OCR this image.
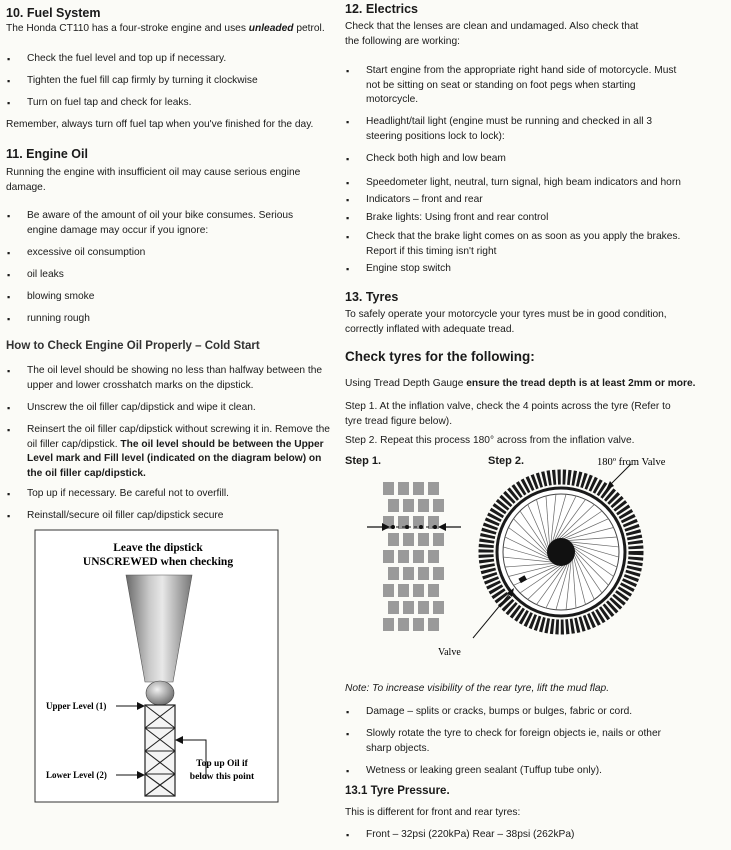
10. Fuel System
The Honda CT110 has a four-stroke engine and uses unleaded petrol.
▪ Check the fuel level and top up if necessary.
▪ Tighten the fuel fill cap firmly by turning it clockwise
▪ Turn on fuel tap and check for leaks.
Remember, always turn off fuel tap when you've finished for the day.
11. Engine Oil
Running the engine with insufficient oil may cause serious engine damage.
▪ Be aware of the amount of oil your bike consumes. Serious engine damage may occur if you ignore:
▪ excessive oil consumption
▪ oil leaks
▪ blowing smoke
▪ running rough
How to Check Engine Oil Properly – Cold Start
▪ The oil level should be showing no less than halfway between the upper and lower crosshatch marks on the dipstick.
▪ Unscrew the oil filler cap/dipstick and wipe it clean.
▪ Reinsert the oil filler cap/dipstick without screwing it in. Remove the oil filler cap/dipstick. The oil level should be between the Upper Level mark and Fill level (indicated on the diagram below) on the oil filler cap/dipstick.
▪ Top up if necessary. Be careful not to overfill.
▪ Reinstall/secure oil filler cap/dipstick secure
Leave the dipstick
UNSCREWED when checking
Upper Level (1)
Lower Level (2)
Top up Oil if
below this point
12. Electrics
Check that the lenses are clean and undamaged. Also check that the following are working:
▪ Start engine from the appropriate right hand side of motorcycle. Must not be sitting on seat or standing on foot pegs when starting motorcycle.
▪ Headlight/tail light (engine must be running and checked in all 3 steering positions lock to lock):
▪ Check both high and low beam
▪ Speedometer light, neutral, turn signal, high beam indicators and horn
▪ Indicators – front and rear
▪ Brake lights: Using front and rear control
▪ Check that the brake light comes on as soon as you apply the brakes. Report if this timing isn't right
▪ Engine stop switch
13. Tyres
To safely operate your motorcycle your tyres must be in good condition, correctly inflated with adequate tread.
Check tyres for the following:
Using Tread Depth Gauge ensure the tread depth is at least 2mm or more.
Step 1. At the inflation valve, check the 4 points across the tyre (Refer to tyre tread figure below).
Step 2. Repeat this process 180° across from the inflation valve.
Step 1.	Step 2.
Note: To increase visibility of the rear tyre, lift the mud flap.
▪ Damage – splits or cracks, bumps or bulges, fabric or cord.
▪ Slowly rotate the tyre to check for foreign objects ie, nails or other sharp objects.
▪ Wetness or leaking green sealant (Tuffup tube only).
13.1 Tyre Pressure.
This is different for front and rear tyres:
▪ Front – 32psi (220kPa) Rear – 38psi (262kPa)
180º from Valve
Valve
